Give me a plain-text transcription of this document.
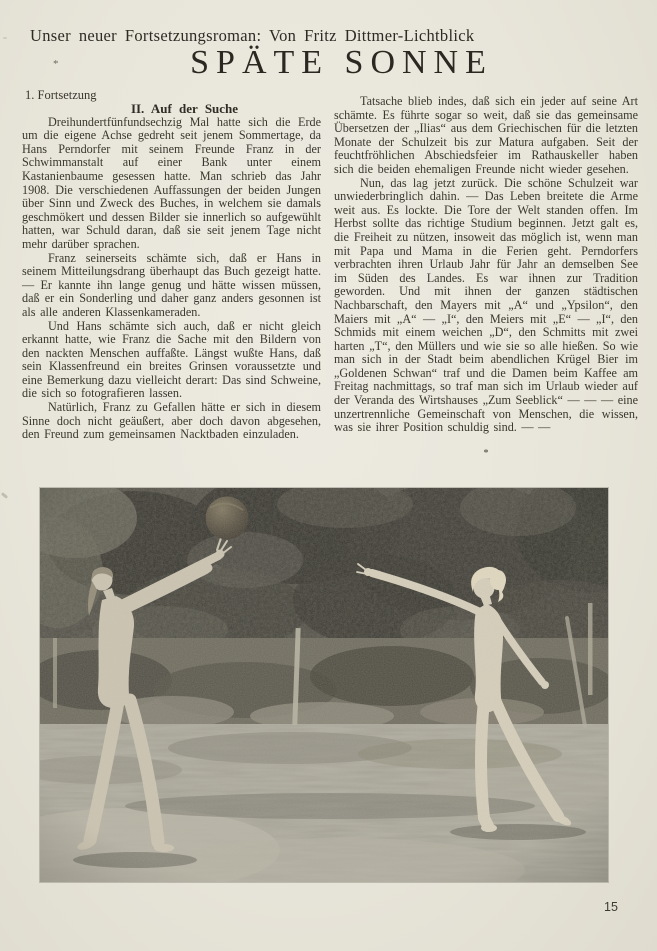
Unser neuer Fortsetzungsroman: Von Fritz Dittmer-Lichtblick
SPÄTE SONNE
*
1. Fortsetzung

II. Auf der Suche

Dreihundertfünfundsechzig Mal hatte sich die Erde um die eigene Achse gedreht seit jenem Sommertage, da Hans Perndorfer mit seinem Freunde Franz in der Schwimmanstalt auf einer Bank unter einem Kastanienbaume gesessen hatte. Man schrieb das Jahr 1908. Die verschiedenen Auffassungen der beiden Jungen über Sinn und Zweck des Buches, in welchem sie damals geschmökert und dessen Bilder sie innerlich so aufgewühlt hatten, war Schuld daran, daß sie seit jenem Tage nicht mehr darüber sprachen.

Franz seinerseits schämte sich, daß er Hans in seinem Mitteilungsdrang überhaupt das Buch gezeigt hatte. — Er kannte ihn lange genug und hätte wissen müssen, daß er ein Sonderling und daher ganz anders gesonnen ist als alle anderen Klassenkameraden.

Und Hans schämte sich auch, daß er nicht gleich erkannt hatte, wie Franz die Sache mit den Bildern von den nackten Menschen auffaßte. Längst wußte Hans, daß sein Klassenfreund ein breites Grinsen voraussetzte und eine Bemerkung dazu vielleicht derart: Das sind Schweine, die sich so fotografieren lassen.

Natürlich, Franz zu Gefallen hätte er sich in diesem Sinne doch nicht geäußert, aber doch davon abgesehen, den Freund zum gemeinsamen Nacktbaden einzuladen.

Tatsache blieb indes, daß sich ein jeder auf seine Art schämte. Es führte sogar so weit, daß sie das gemeinsame Übersetzen der „Ilias“ aus dem Griechischen für die letzten Monate der Schulzeit bis zur Matura aufgaben. Seit der feuchtfröhlichen Abschiedsfeier im Rathauskeller haben sich die beiden ehemaligen Freunde nicht wieder gesehen.

Nun, das lag jetzt zurück. Die schöne Schulzeit war unwiederbringlich dahin. — Das Leben breitete die Arme weit aus. Es lockte. Die Tore der Welt standen offen. Im Herbst sollte das richtige Studium beginnen. Jetzt galt es, die Freiheit zu nützen, insoweit das möglich ist, wenn man mit Papa und Mama in die Ferien geht. Perndorfers verbrachten ihren Urlaub Jahr für Jahr an demselben See im Süden des Landes. Es war ihnen zur Tradition geworden. Und mit ihnen der ganzen städtischen Nachbarschaft, den Mayers mit „A“ und „Ypsilon“, den Maiers mit „A“ — „I“, den Meiers mit „E“ — „I“, den Schmids mit einem weichen „D“, den Schmitts mit zwei harten „T“, den Müllers und wie sie so alle hießen. So wie man sich in der Stadt beim abendlichen Krügel Bier im „Goldenen Schwan“ traf und die Damen beim Kaffee am Freitag nachmittags, so traf man sich im Urlaub wieder auf der Veranda des Wirtshauses „Zum Seeblick“ — — — eine unzertrennliche Gemeinschaft von Menschen, die wissen, was sie ihrer Position schuldig sind. — —

*
15
